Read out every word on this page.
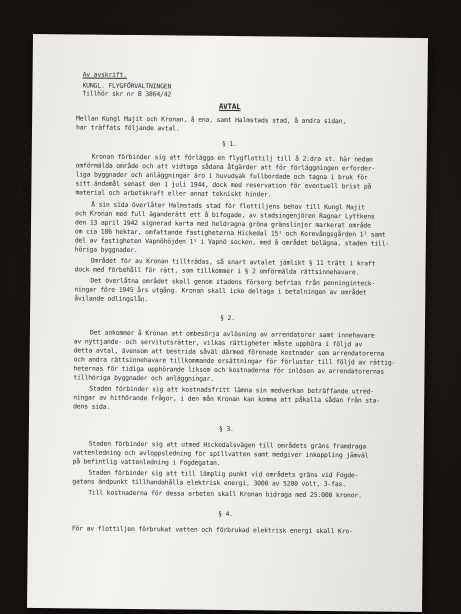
Av avskrift.
KUNGL. FLYGFÖRVALTNINGEN
Tillhör skr nr B 3864/42
AVTAL
Mellan Kungl Majit och Kronan, å ena, samt Halmstads stad, å andra sidan,
har träffats följande avtal.
§ 1.
Kronan förbinder sig att förlägga en flygflottilj till å 2:dra st. här nedan
omförmälda område och att vidtaga sådana åtgärder att för förläggningen erforder-
liga byggnader och anläggningar äro i huvudsak fullbordade och tagna i bruk för
sitt ändamål senast den 1 juli 1944, dock med reservation för eventuell brist på
material och arbetskraft eller annat tekniskt hinder.
Å sin sida överlåter Halmstads stad för flottiljens behov till Kungl Majit
och Kronan med full äganderätt ett å bifogade, av stadsingenjören Ragnar Lyttkens
den 13 april 1942 signerad karta med heldragna gröna gränslinjer markerat område
om cia 186 hektar, omfattande fastigheterna Hickedal 15¹ och Korevångsgården 1² samt
del av fastigheten Vapnöhöjden 1¹ i Vapnö socken, med å området belägna, staden till-
höriga byggnader.
Området för av Kronan tillträdas, så snart avtalet jämlikt § 11 trätt i kraft
dock med förbehåll för rätt, som tillkommer i § 2 omförmälda rättsinnehavare.
Det överlåtna området skall genom stadens försorg befrias från penninginteck-
ningar före 1945 års utgång. Kronan skall icke deltaga i betalningen av området
åvilande odlingslån.
§ 2.
Det ankommer å Kronan att ombesörja avlösning av arrendatorer samt innehavare
av nyttjande- och servitutsrätter, vilkas rättigheter måste upphöra i följd av
detta avtal, ävensom att bestrida såväl därmed förenade kostnader som arrendatorerna
och andra rättsinnehavare tillkommande ersättningar för förluster till följd av rättig-
heternas för tidiga upphörande liksom och kostnaderna för inlösen av arrendatorernas
tillhöriga byggnader och anläggningar.
Staden förbinder sig att kostnadsfritt lämna sin medverkan beträffande utred-
ningar av hithörande frågor, i den mån Kronan kan komma att påkalla sådan från sta-
dens sida.
§ 3.
Staden förbinder sig att utmed Hickedalsvägen till områdets gräns framdraga
vattenledning och avloppsledning för spillvatten samt medgiver inkoppling jämväl
på befintlig vattenledning i Fogdegatan.
Staden förbinder sig att till lämplig punkt vid områdets gräns vid Fogde-
gatans ändpunkt tillhandahålla elektrisk energi, 3000 av 5200 volt, 3-fas.
Till kostnaderna för dessa arbeten skall Kronan bidraga med 25.000 kronor.
§ 4.
För av flottiljen förbrukat vatten och förbrukad elektrisk energi skall Kro-
